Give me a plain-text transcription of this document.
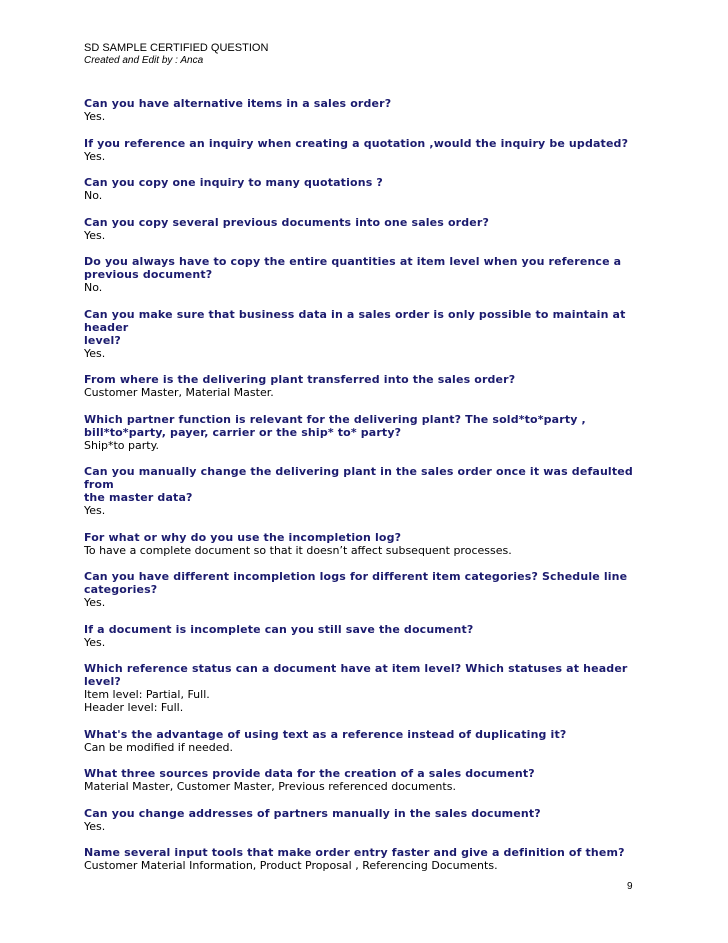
SD SAMPLE CERTIFIED QUESTION
Created and Edit by : Anca
Can you have alternative items in a sales order?
Yes.
If you reference an inquiry when creating a quotation ,would the inquiry be updated?
Yes.
Can you copy one inquiry to many quotations ?
No.
Can you copy several previous documents into one sales order?
Yes.
Do you always have to copy the entire quantities at item level when you reference a
previous document?
No.
Can you make sure that business data in a sales order is only possible to maintain at header
level?
Yes.
From where is the delivering plant transferred into the sales order?
Customer Master, Material Master.
Which partner function is relevant for the delivering plant? The sold*to*party ,
bill*to*party, payer, carrier or the ship* to* party?
Ship*to party.
Can you manually change the delivering plant in the sales order once it was defaulted from
the master data?
Yes.
For what or why do you use the incompletion log?
To have a complete document so that it doesn’t affect subsequent processes.
Can you have different incompletion logs for different item categories? Schedule line
categories?
Yes.
If a document is incomplete can you still save the document?
Yes.
Which reference status can a document have at item level? Which statuses at header level?
Item level: Partial, Full.
Header level: Full.
What's the advantage of using text as a reference instead of duplicating it?
Can be modified if needed.
What three sources provide data for the creation of a sales document?
Material Master, Customer Master, Previous referenced documents.
Can you change addresses of partners manually in the sales document?
Yes.
Name several input tools that make order entry faster and give a definition of them?
Customer Material Information, Product Proposal , Referencing Documents.
9
